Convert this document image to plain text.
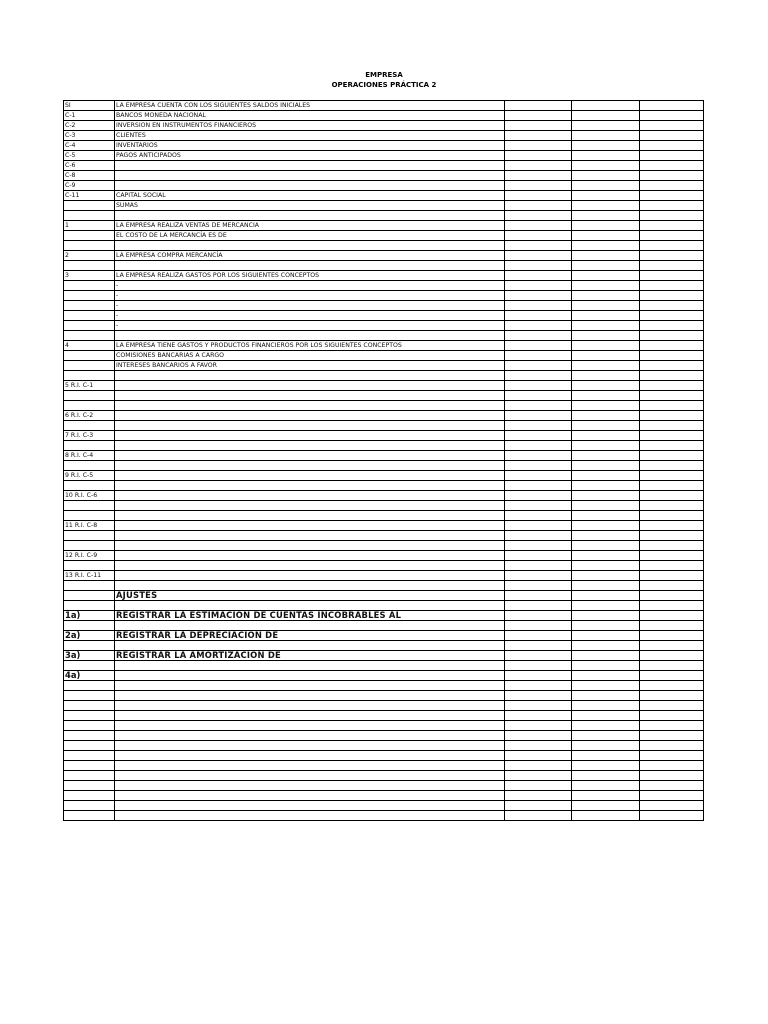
EMPRESA
OPERACIONES PRÁCTICA 2
SI	LA EMPRESA CUENTA CON LOS SIGUIENTES SALDOS INICIALES			
C-1	BANCOS MONEDA NACIONAL			
C-2	INVERSION EN INSTRUMENTOS FINANCIEROS			
C-3	CLIENTES			
C-4	INVENTARIOS			
C-5	PAGOS ANTICIPADOS			
C-6				
C-8				
C-9				
C-11	CAPITAL SOCIAL			
	SUMAS			

1	LA EMPRESA REALIZA VENTAS DE MERCANCIA			
	EL COSTO DE LA MERCANCÍA ES DE			

2	LA EMPRESA COMPRA MERCANCÍA			

3	LA EMPRESA REALIZA GASTOS POR LOS SIGUIENTES CONCEPTOS			
	-			
	-			
	-			
	-			
	-			

4	LA EMPRESA TIENE GASTOS Y PRODUCTOS FINANCIEROS POR LOS SIGUIENTES CONCEPTOS			
	COMISIONES BANCARIAS A CARGO			
	INTERESES BANCARIOS A FAVOR			

5 R.I. C-1				

6 R.I. C-2				

7 R.I. C-3				

8 R.I. C-4				

9 R.I. C-5				

10 R.I. C-6				

11 R.I. C-8				

12 R.I. C-9				

13 R.I. C-11				

	AJUSTES			

1a)	REGISTRAR LA ESTIMACION DE CUENTAS INCOBRABLES AL			

2a)	REGISTRAR LA DEPRECIACION DE			

3a)	REGISTRAR LA AMORTIZACION DE			

4a)				
